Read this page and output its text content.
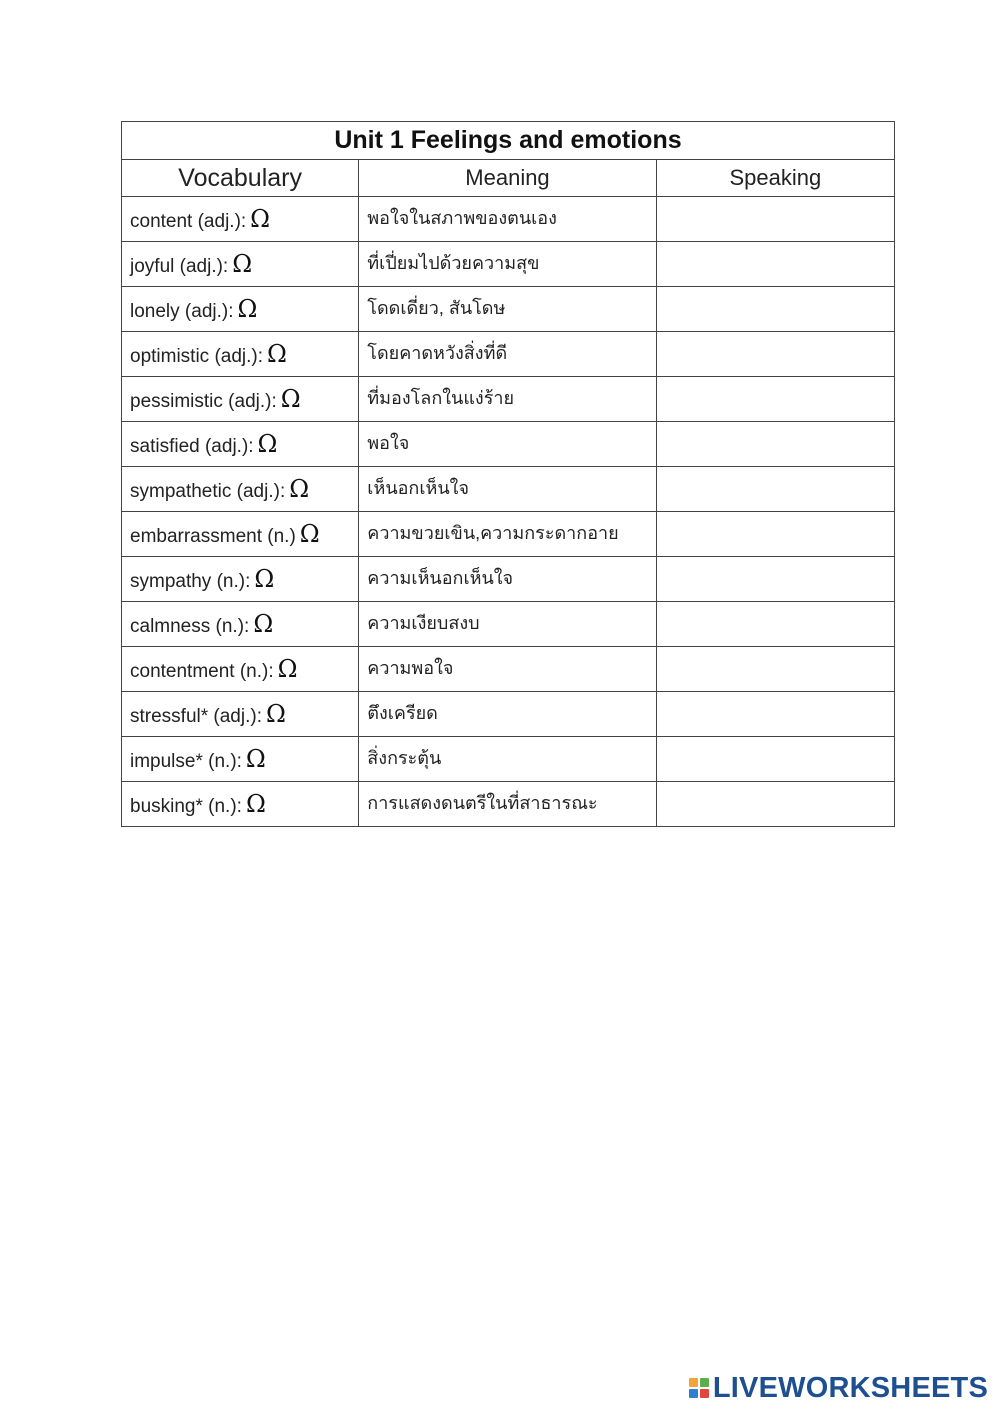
Unit 1 Feelings and emotions		
Vocabulary	Meaning	Speaking
content (adj.): Ω	พอใจในสภาพของตนเอง	
joyful (adj.): Ω	ที่เปี่ยมไปด้วยความสุข	
lonely (adj.): Ω	โดดเดี่ยว, สันโดษ	
optimistic (adj.): Ω	โดยคาดหวังสิ่งที่ดี	
pessimistic (adj.): Ω	ที่มองโลกในแง่ร้าย	
satisfied (adj.): Ω	พอใจ	
sympathetic (adj.): Ω	เห็นอกเห็นใจ	
embarrassment (n.) Ω	ความขวยเขิน,ความกระดากอาย	
sympathy (n.): Ω	ความเห็นอกเห็นใจ	
calmness (n.): Ω	ความเงียบสงบ	
contentment (n.): Ω	ความพอใจ	
stressful* (adj.): Ω	ตึงเครียด	
impulse* (n.): Ω	สิ่งกระตุ้น	
busking* (n.): Ω	การแสดงดนตรีในที่สาธารณะ	
LIVEWORKSHEETS
